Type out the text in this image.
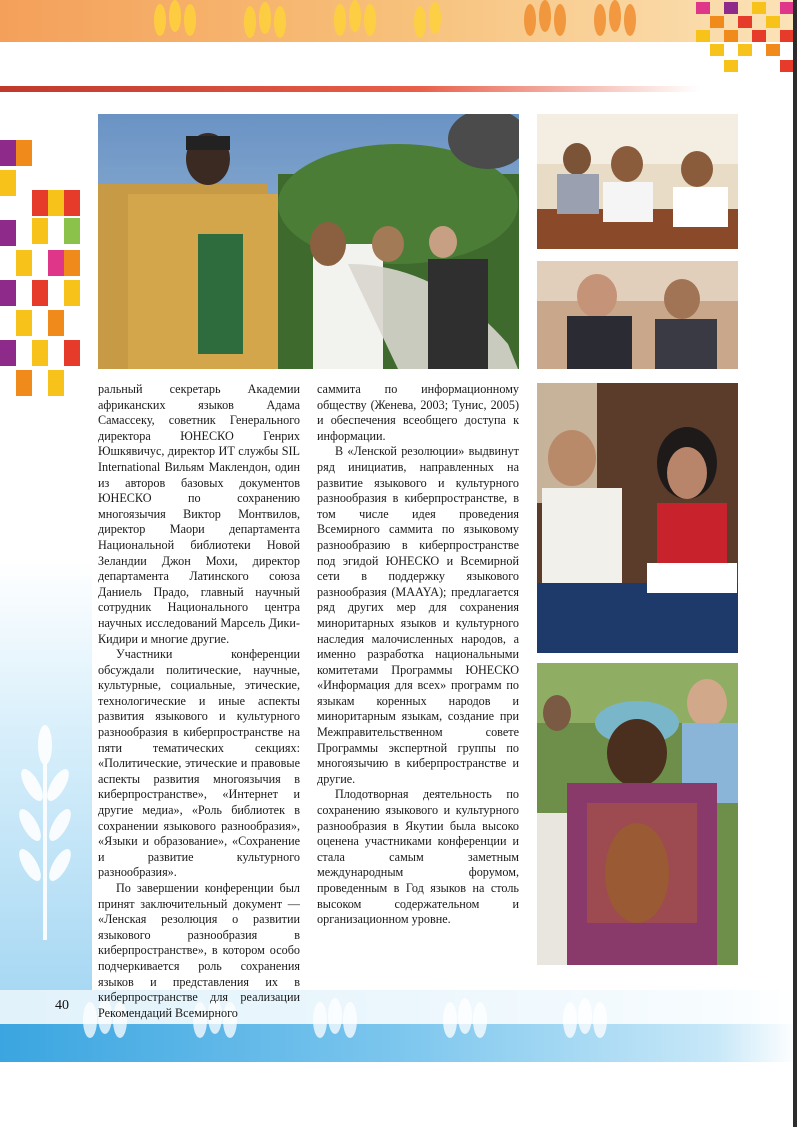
ральный секретарь Академии африканских языков Адама Самассеку, советник Генерального директора ЮНЕСКО Генрих Юшкявичус, директор ИТ службы SIL International Вильям Маклендон, один из авторов базовых документов ЮНЕСКО по сохранению многоязычия Виктор Монтвилов, директор Маори департамента Национальной библиотеки Новой Зеландии Джон Мохи, директор департамента Латинского союза Даниель Прадо, главный научный сотрудник Национального центра научных исследований Марсель Дики-Кидири и многие другие.

Участники конференции обсуждали политические, научные, культурные, социальные, этические, технологические и иные аспекты развития языкового и культурного разнообразия в киберпространстве на пяти тематических секциях: «Политические, этические и правовые аспекты развития многоязычия в киберпространстве», «Интернет и другие медиа», «Роль библиотек в сохранении языкового разнообразия», «Языки и образование», «Сохранение и развитие культурного разнообразия».

По завершении конференции был принят заключительный документ — «Ленская резолюция о развитии языкового разнообразия в киберпространстве», в котором особо подчеркивается роль сохранения языков и представления их в киберпространстве для реализации Рекомендаций Всемирного

саммита по информационному обществу (Женева, 2003; Тунис, 2005) и обеспечения всеобщего доступа к информации.

В «Ленской резолюции» выдвинут ряд инициатив, направленных на развитие языкового и культурного разнообразия в киберпространстве, в том числе идея проведения Всемирного саммита по языковому разнообразию в киберпространстве под эгидой ЮНЕСКО и Всемирной сети в поддержку языкового разнообразия (MAAYA); предлагается ряд других мер для сохранения миноритарных языков и культурного наследия малочисленных народов, а именно разработка национальными комитетами Программы ЮНЕСКО «Информация для всех» программ по языкам коренных народов и миноритарным языкам, создание при Межправительственном совете Программы экспертной группы по многоязычию в киберпространстве и другие.

Плодотворная деятельность по сохранению языкового и культурного разнообразия в Якутии была высоко оценена участниками конференции и стала самым заметным международным форумом, проведенным в Год языков на столь высоком содержательном и организационном уровне.

40
